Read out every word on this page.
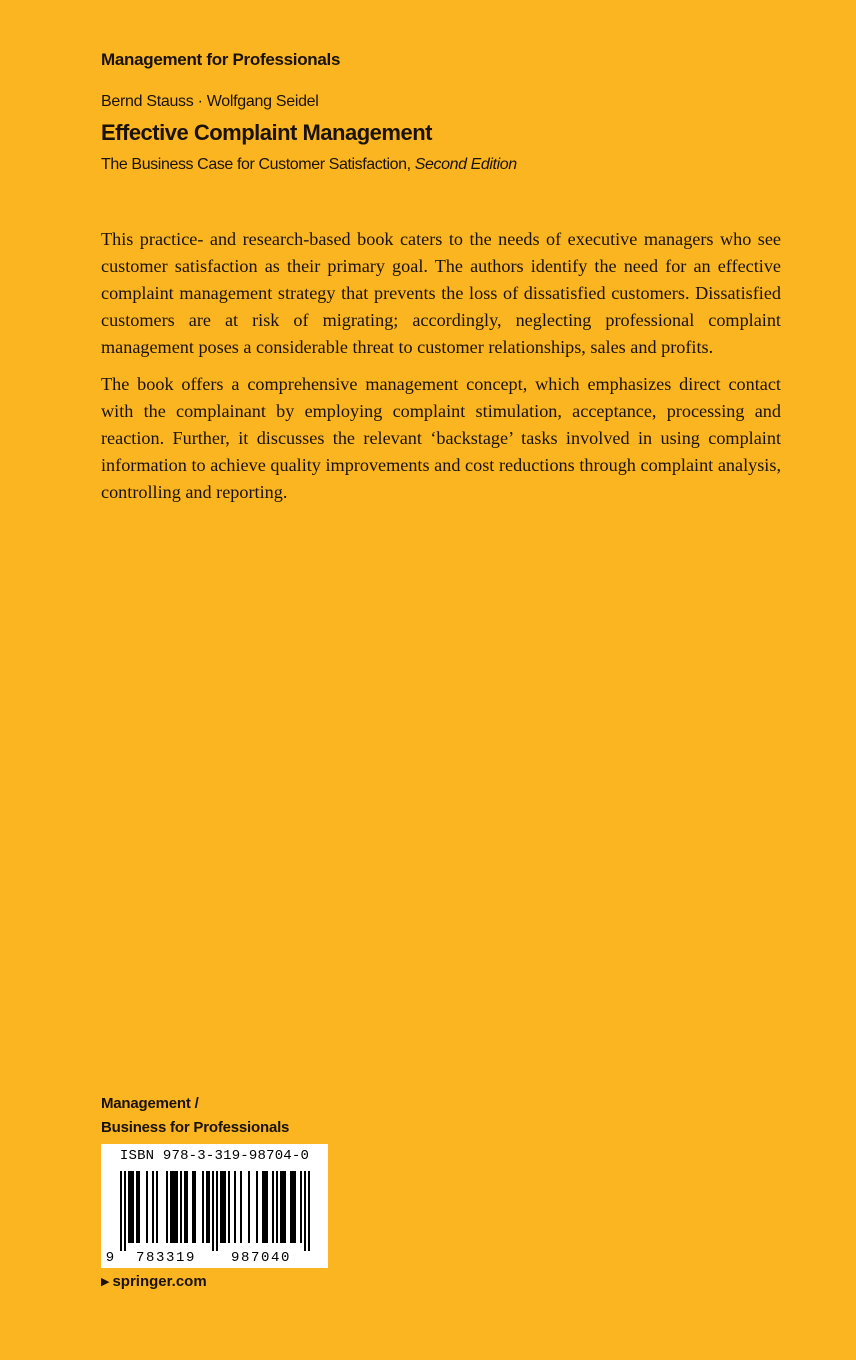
Management for Professionals
Bernd Stauss · Wolfgang Seidel
Effective Complaint Management
The Business Case for Customer Satisfaction, Second Edition

This practice- and research-based book caters to the needs of executive managers who see customer satisfaction as their primary goal. The authors identify the need for an effective complaint management strategy that prevents the loss of dissatisfied customers. Dissatisfied customers are at risk of migrating; accordingly, neglecting professional complaint management poses a considerable threat to customer relationships, sales and profits.

The book offers a comprehensive management concept, which emphasizes direct contact with the complainant by employing complaint stimulation, acceptance, processing and reaction. Further, it discusses the relevant ‘backstage’ tasks involved in using complaint information to achieve quality improvements and cost reductions through complaint analysis, controlling and reporting.

Management /
Business for Professionals
9 783319 987040
ISBN 978-3-319-98704-0
▶ springer.com
